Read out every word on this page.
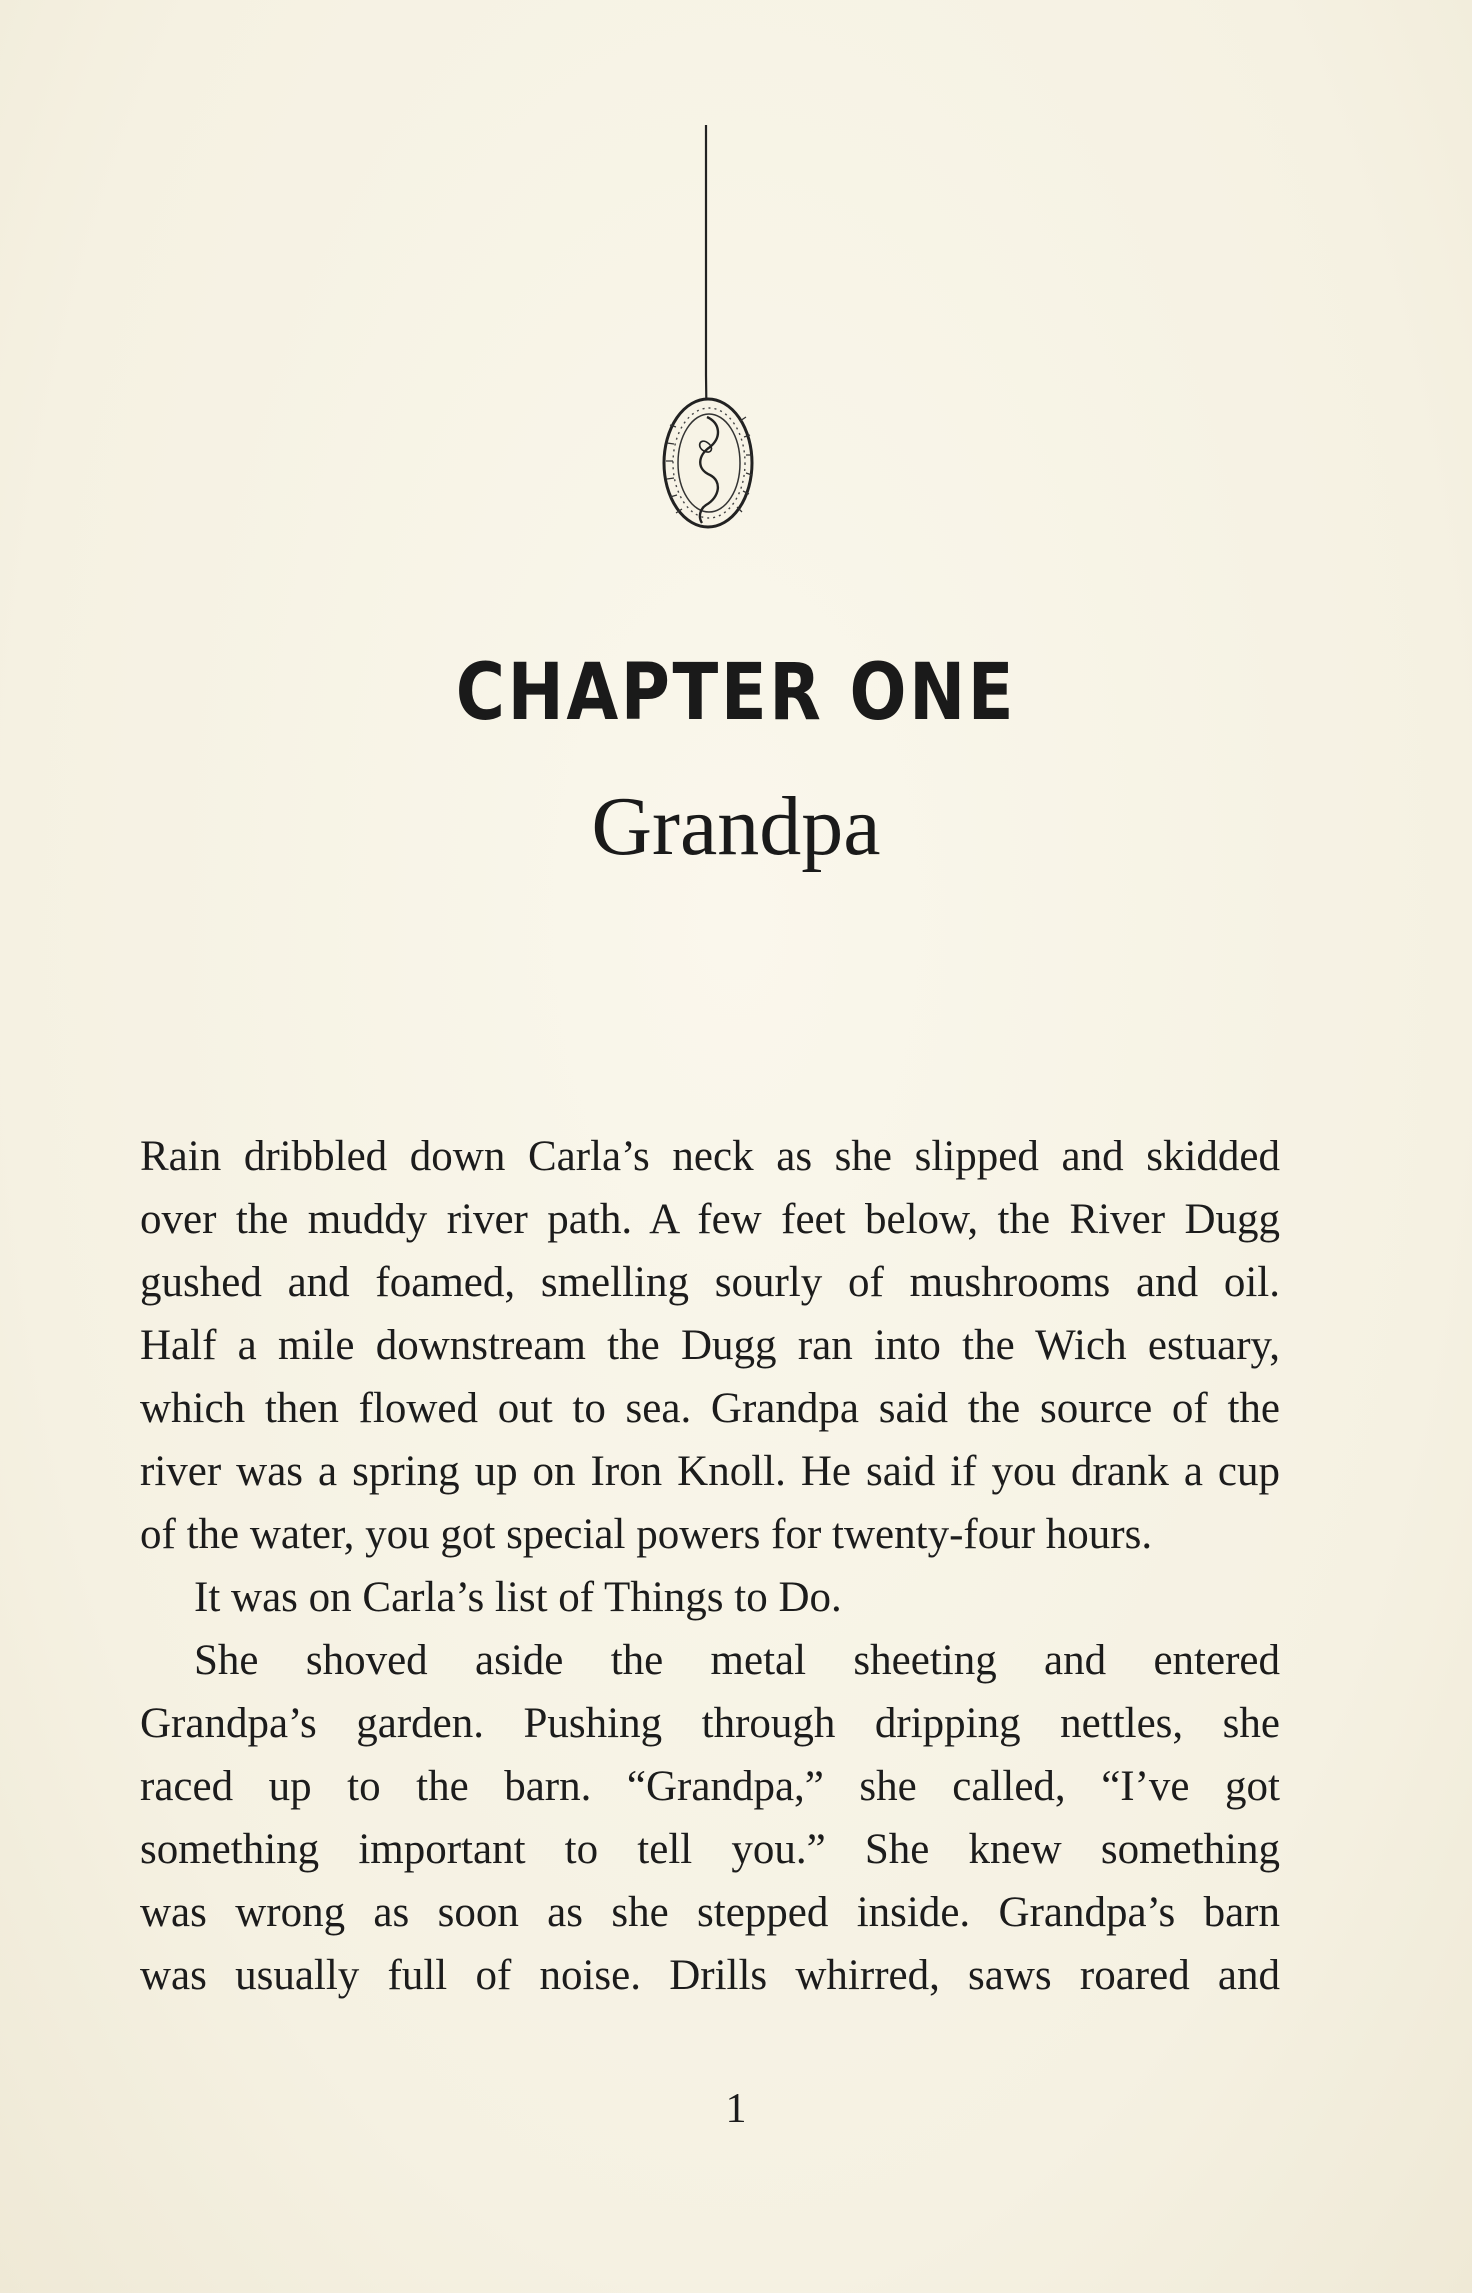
CHAPTER ONE
Grandpa
Rain dribbled down Carla’s neck as she slipped and skidded
over the muddy river path. A few feet below, the River Dugg
gushed and foamed, smelling sourly of mushrooms and oil.
Half a mile downstream the Dugg ran into the Wich estuary,
which then flowed out to sea. Grandpa said the source of the
river was a spring up on Iron Knoll. He said if you drank a cup
of the water, you got special powers for twenty-four hours.
It was on Carla’s list of Things to Do.
She shoved aside the metal sheeting and entered
Grandpa’s garden. Pushing through dripping nettles, she
raced up to the barn. “Grandpa,” she called, “I’ve got
something important to tell you.” She knew something
was wrong as soon as she stepped inside. Grandpa’s barn
was usually full of noise. Drills whirred, saws roared and
1
